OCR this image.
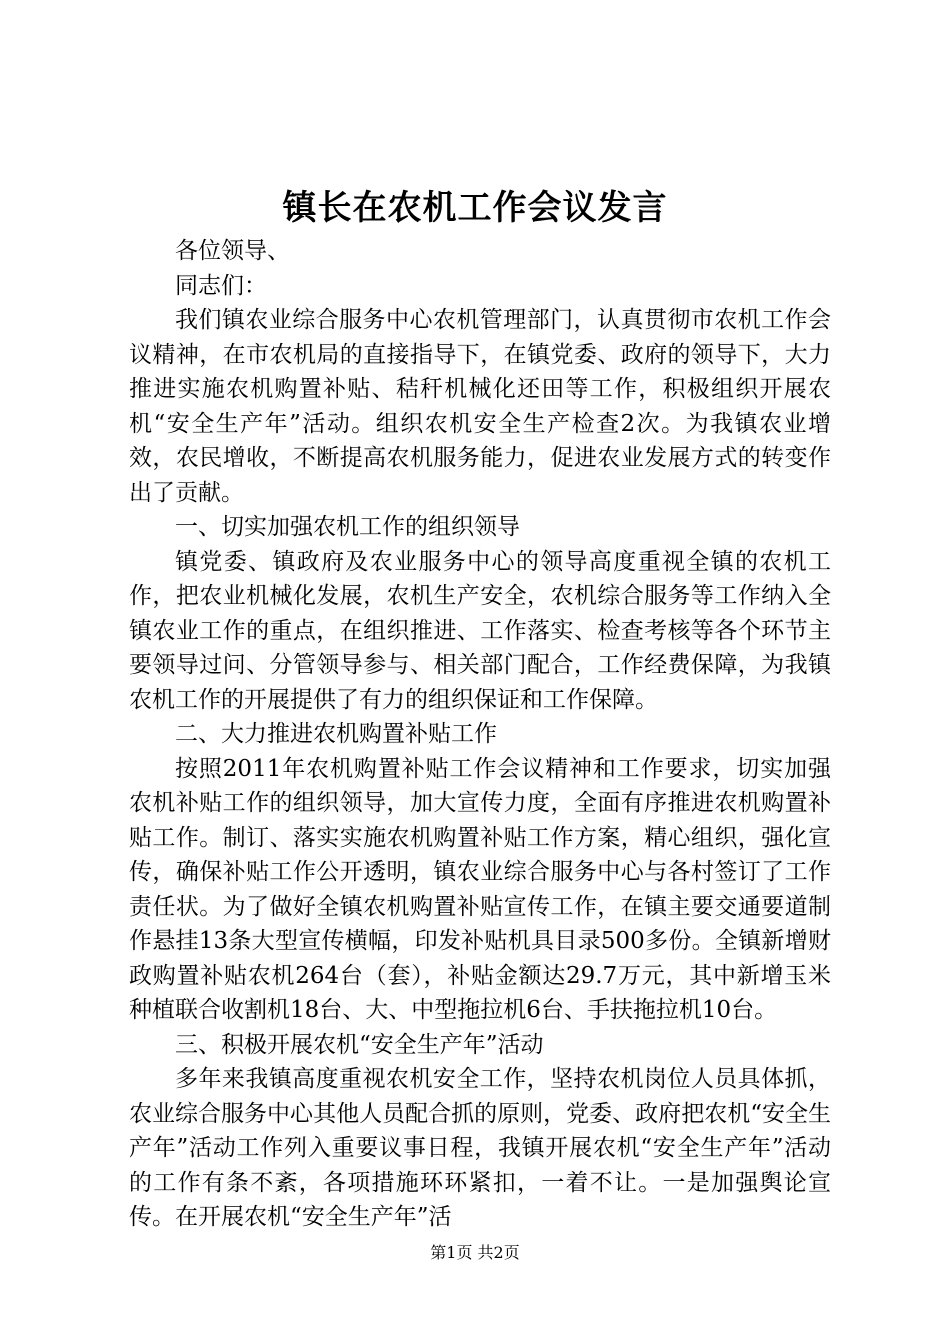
镇长在农机工作会议发言

各位领导、

同志们：

我们镇农业综合服务中心农机管理部门，认真贯彻市农机工作会议精神，在市农机局的直接指导下，在镇党委、政府的领导下，大力推进实施农机购置补贴、秸秆机械化还田等工作，积极组织开展农机“安全生产年”活动。组织农机安全生产检查2次。为我镇农业增效，农民增收，不断提高农机服务能力，促进农业发展方式的转变作出了贡献。

一、切实加强农机工作的组织领导

镇党委、镇政府及农业服务中心的领导高度重视全镇的农机工作，把农业机械化发展，农机生产安全，农机综合服务等工作纳入全镇农业工作的重点，在组织推进、工作落实、检查考核等各个环节主要领导过问、分管领导参与、相关部门配合，工作经费保障，为我镇农机工作的开展提供了有力的组织保证和工作保障。

二、大力推进农机购置补贴工作

按照2011年农机购置补贴工作会议精神和工作要求，切实加强农机补贴工作的组织领导，加大宣传力度，全面有序推进农机购置补贴工作。制订、落实实施农机购置补贴工作方案，精心组织，强化宣传，确保补贴工作公开透明，镇农业综合服务中心与各村签订了工作责任状。为了做好全镇农机购置补贴宣传工作，在镇主要交通要道制作悬挂13条大型宣传横幅，印发补贴机具目录500多份。全镇新增财政购置补贴农机264台（套），补贴金额达29.7万元，其中新增玉米种植联合收割机18台、大、中型拖拉机6台、手扶拖拉机10台。

三、积极开展农机“安全生产年”活动

多年来我镇高度重视农机安全工作，坚持农机岗位人员具体抓，农业综合服务中心其他人员配合抓的原则，党委、政府把农机“安全生产年”活动工作列入重要议事日程，我镇开展农机“安全生产年”活动的工作有条不紊，各项措施环环紧扣，一着不让。一是加强舆论宣传。在开展农机“安全生产年”活

第1页 共2页
